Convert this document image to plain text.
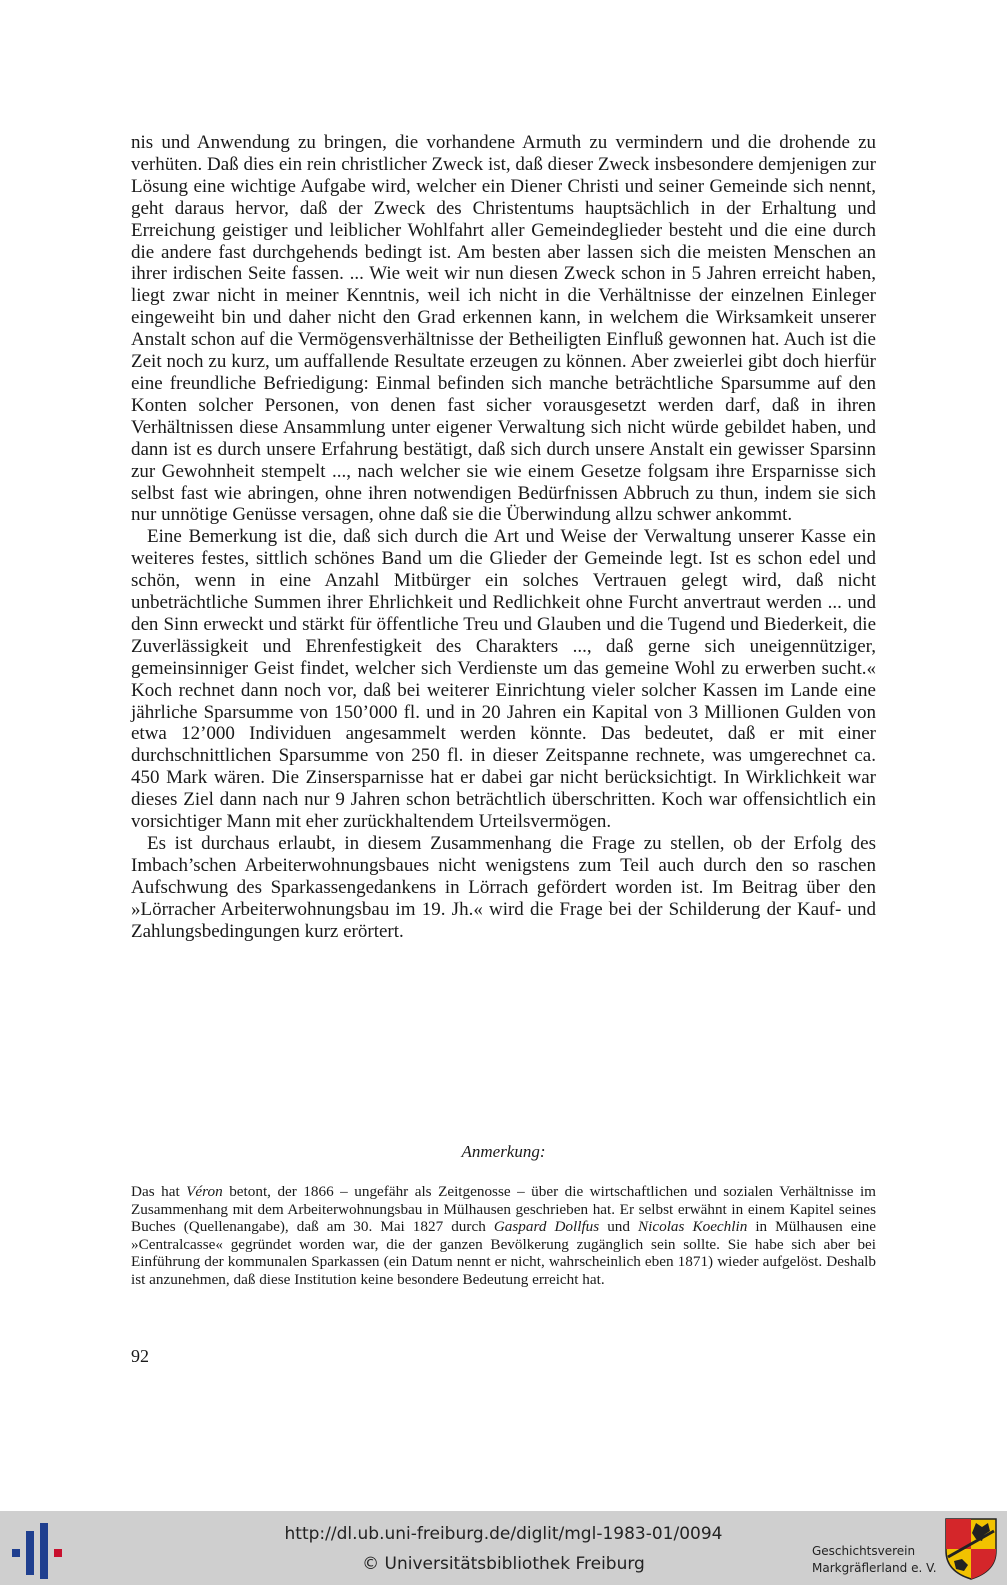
nis und Anwendung zu bringen, die vorhandene Armuth zu vermindern und die drohende zu verhüten. Daß dies ein rein christlicher Zweck ist, daß dieser Zweck insbesondere demjenigen zur Lösung eine wichtige Aufgabe wird, welcher ein Diener Christi und seiner Gemeinde sich nennt, geht daraus hervor, daß der Zweck des Christentums hauptsächlich in der Erhaltung und Erreichung geistiger und leiblicher Wohlfahrt aller Gemeindeglieder besteht und die eine durch die andere fast durchgehends bedingt ist. Am besten aber lassen sich die meisten Menschen an ihrer irdischen Seite fassen. ... Wie weit wir nun diesen Zweck schon in 5 Jahren erreicht haben, liegt zwar nicht in meiner Kenntnis, weil ich nicht in die Verhältnisse der einzelnen Einleger eingeweiht bin und daher nicht den Grad erkennen kann, in welchem die Wirksamkeit unserer Anstalt schon auf die Vermögensverhältnisse der Betheiligten Einfluß gewonnen hat. Auch ist die Zeit noch zu kurz, um auffallende Resultate erzeugen zu können. Aber zweierlei gibt doch hierfür eine freundliche Befriedigung: Einmal befinden sich manche beträchtliche Sparsumme auf den Konten solcher Personen, von denen fast sicher vorausgesetzt werden darf, daß in ihren Verhältnissen diese Ansammlung unter eigener Verwaltung sich nicht würde gebildet haben, und dann ist es durch unsere Erfahrung bestätigt, daß sich durch unsere Anstalt ein gewisser Sparsinn zur Gewohnheit stempelt ..., nach welcher sie wie einem Gesetze folgsam ihre Ersparnisse sich selbst fast wie abringen, ohne ihren notwendigen Bedürfnissen Abbruch zu thun, indem sie sich nur unnötige Genüsse versagen, ohne daß sie die Überwindung allzu schwer ankommt.

Eine Bemerkung ist die, daß sich durch die Art und Weise der Verwaltung unserer Kasse ein weiteres festes, sittlich schönes Band um die Glieder der Gemeinde legt. Ist es schon edel und schön, wenn in eine Anzahl Mitbürger ein solches Vertrauen gelegt wird, daß nicht unbeträchtliche Summen ihrer Ehrlichkeit und Redlichkeit ohne Furcht anvertraut werden ... und den Sinn erweckt und stärkt für öffentliche Treu und Glauben und die Tugend und Biederkeit, die Zuverlässigkeit und Ehrenfestigkeit des Charakters ..., daß gerne sich uneigennütziger, gemeinsinniger Geist findet, welcher sich Verdienste um das gemeine Wohl zu erwerben sucht.« Koch rechnet dann noch vor, daß bei weiterer Einrichtung vieler solcher Kassen im Lande eine jährliche Sparsumme von 150’000 fl. und in 20 Jahren ein Kapital von 3 Millionen Gulden von etwa 12’000 Individuen angesammelt werden könnte. Das bedeutet, daß er mit einer durchschnittlichen Sparsumme von 250 fl. in dieser Zeitspanne rechnete, was umgerechnet ca. 450 Mark wären. Die Zinsersparnisse hat er dabei gar nicht berücksichtigt. In Wirklichkeit war dieses Ziel dann nach nur 9 Jahren schon beträchtlich überschritten. Koch war offensichtlich ein vorsichtiger Mann mit eher zurückhaltendem Urteilsvermögen.

Es ist durchaus erlaubt, in diesem Zusammenhang die Frage zu stellen, ob der Erfolg des Imbach’schen Arbeiterwohnungsbaues nicht wenigstens zum Teil auch durch den so raschen Aufschwung des Sparkassengedankens in Lörrach gefördert worden ist. Im Beitrag über den »Lörracher Arbeiterwohnungsbau im 19. Jh.« wird die Frage bei der Schilderung der Kauf- und Zahlungsbedingungen kurz erörtert.

Anmerkung:
Das hat Véron betont, der 1866 – ungefähr als Zeitgenosse – über die wirtschaftlichen und sozialen Verhältnisse im Zusammenhang mit dem Arbeiterwohnungsbau in Mülhausen geschrieben hat. Er selbst erwähnt in einem Kapitel seines Buches (Quellenangabe), daß am 30. Mai 1827 durch Gaspard Dollfus und Nicolas Koechlin in Mülhausen eine »Centralcasse« gegründet worden war, die der ganzen Bevölkerung zugänglich sein sollte. Sie habe sich aber bei Einführung der kommunalen Sparkassen (ein Datum nennt er nicht, wahrscheinlich eben 1871) wieder aufgelöst. Deshalb ist anzunehmen, daß diese Institution keine besondere Bedeutung erreicht hat.
92
http://dl.ub.uni-freiburg.de/diglit/mgl-1983-01/0094
© Universitätsbibliothek Freiburg
Geschichtsverein
Markgräflerland e. V.
